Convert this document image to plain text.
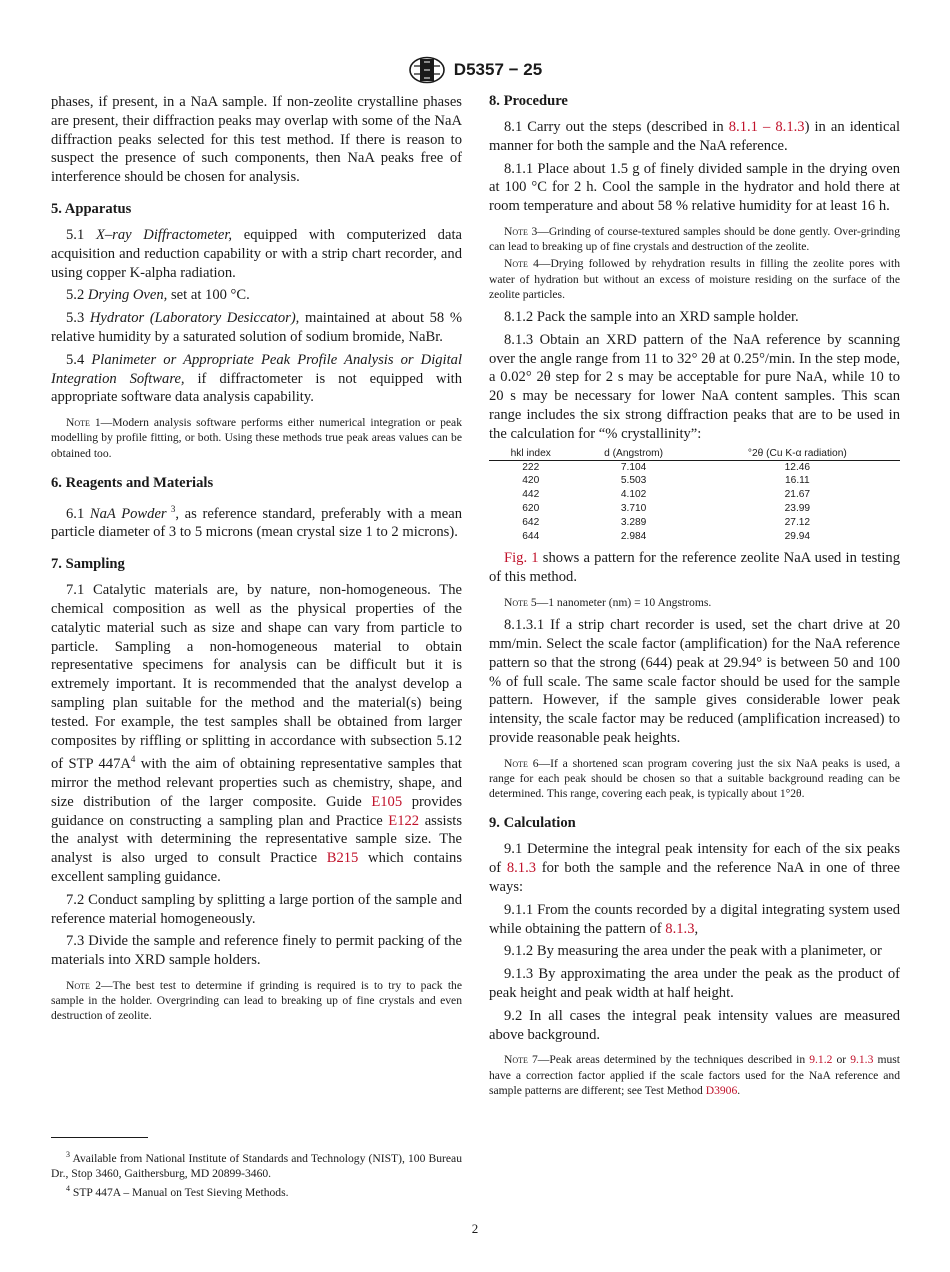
D5357 − 25

phases, if present, in a NaA sample. If non-zeolite crystalline phases are present, their diffraction peaks may overlap with some of the NaA diffraction peaks selected for this test method. If there is reason to suspect the presence of such components, then NaA peaks free of interference should be chosen for analysis.

5. Apparatus

5.1 X–ray Diffractometer, equipped with computerized data acquisition and reduction capability or with a strip chart recorder, and using copper K-alpha radiation.

5.2 Drying Oven, set at 100 °C.

5.3 Hydrator (Laboratory Desiccator), maintained at about 58 % relative humidity by a saturated solution of sodium bromide, NaBr.

5.4 Planimeter or Appropriate Peak Profile Analysis or Digital Integration Software, if diffractometer is not equipped with appropriate software data analysis capability.

Note 1—Modern analysis software performs either numerical integration or peak modelling by profile fitting, or both. Using these methods true peak areas values can be obtained too.

6. Reagents and Materials

6.1 NaA Powder $^3$, as reference standard, preferably with a mean particle diameter of 3 to 5 microns (mean crystal size 1 to 2 microns).

7. Sampling

7.1 Catalytic materials are, by nature, non-homogeneous. The chemical composition as well as the physical properties of the catalytic material such as size and shape can vary from particle to particle. Sampling a non-homogeneous material to obtain representative specimens for analysis can be difficult but it is extremely important. It is recommended that the analyst develop a sampling plan suitable for the method and the material(s) being tested. For example, the test samples shall be obtained from larger composites by riffling or splitting in accordance with subsection 5.12 of STP $447A^4$ with the aim of obtaining representative samples that mirror the method relevant properties such as chemistry, shape, and size distribution of the larger composite. Guide E105 provides guidance on constructing a sampling plan and Practice E122 assists the analyst with determining the representative sample size. The analyst is also urged to consult Practice B215 which contains excellent sampling guidance.

7.2 Conduct sampling by splitting a large portion of the sample and reference material homogeneously.

7.3 Divide the sample and reference finely to permit packing of the materials into XRD sample holders.

Note 2—The best test to determine if grinding is required is to try to pack the sample in the holder. Overgrinding can lead to breaking up of fine crystals and even destruction of zeolite.

8. Procedure

8.1 Carry out the steps (described in 8.1.1 – 8.1.3) in an identical manner for both the sample and the NaA reference.

8.1.1 Place about 1.5 g of finely divided sample in the drying oven at 100 °C for 2 h. Cool the sample in the hydrator and hold there at room temperature and about 58 % relative humidity for at least 16 h.

Note 3—Grinding of course-textured samples should be done gently. Over-grinding can lead to breaking up of fine crystals and destruction of the zeolite.

Note 4—Drying followed by rehydration results in filling the zeolite pores with water of hydration but without an excess of moisture residing on the surface of the zeolite particles.

8.1.2 Pack the sample into an XRD sample holder.

8.1.3 Obtain an XRD pattern of the NaA reference by scanning over the angle range from 11 to 32° 2θ at 0.25°/min. In the step mode, a 0.02° 2θ step for 2 s may be acceptable for pure NaA, while 10 to 20 s may be necessary for lower NaA content samples. This scan range includes the six strong diffraction peaks that are to be used in the calculation for “% crystallinity”:

hkl index	d (Angstrom)	°2θ (Cu K-α radiation)
222	7.104	12.46
420	5.503	16.11
442	4.102	21.67
620	3.710	23.99
642	3.289	27.12
644	2.984	29.94

Fig. 1 shows a pattern for the reference zeolite NaA used in testing of this method.

Note 5—1 nanometer (nm) = 10 Angstroms.

8.1.3.1 If a strip chart recorder is used, set the chart drive at 20 mm/min. Select the scale factor (amplification) for the NaA reference pattern so that the strong (644) peak at 29.94° is between 50 and 100 % of full scale. The same scale factor should be used for the sample pattern. However, if the sample gives considerable lower peak intensity, the scale factor may be reduced (amplification increased) to provide reasonable peak heights.

Note 6—If a shortened scan program covering just the six NaA peaks is used, a range for each peak should be chosen so that a suitable background reading can be determined. This range, covering each peak, is typically about 1°2θ.

9. Calculation

9.1 Determine the integral peak intensity for each of the six peaks of 8.1.3 for both the sample and the reference NaA in one of three ways:

9.1.1 From the counts recorded by a digital integrating system used while obtaining the pattern of 8.1.3,

9.1.2 By measuring the area under the peak with a planimeter, or

9.1.3 By approximating the area under the peak as the product of peak height and peak width at half height.

9.2 In all cases the integral peak intensity values are measured above background.

Note 7—Peak areas determined by the techniques described in 9.1.2 or 9.1.3 must have a correction factor applied if the scale factors used for the NaA reference and sample patterns are different; see Test Method D3906.

$^3$ Available from National Institute of Standards and Technology (NIST), 100 Bureau Dr., Stop 3460, Gaithersburg, MD 20899-3460.

$^4$ STP 447A – Manual on Test Sieving Methods.

2
